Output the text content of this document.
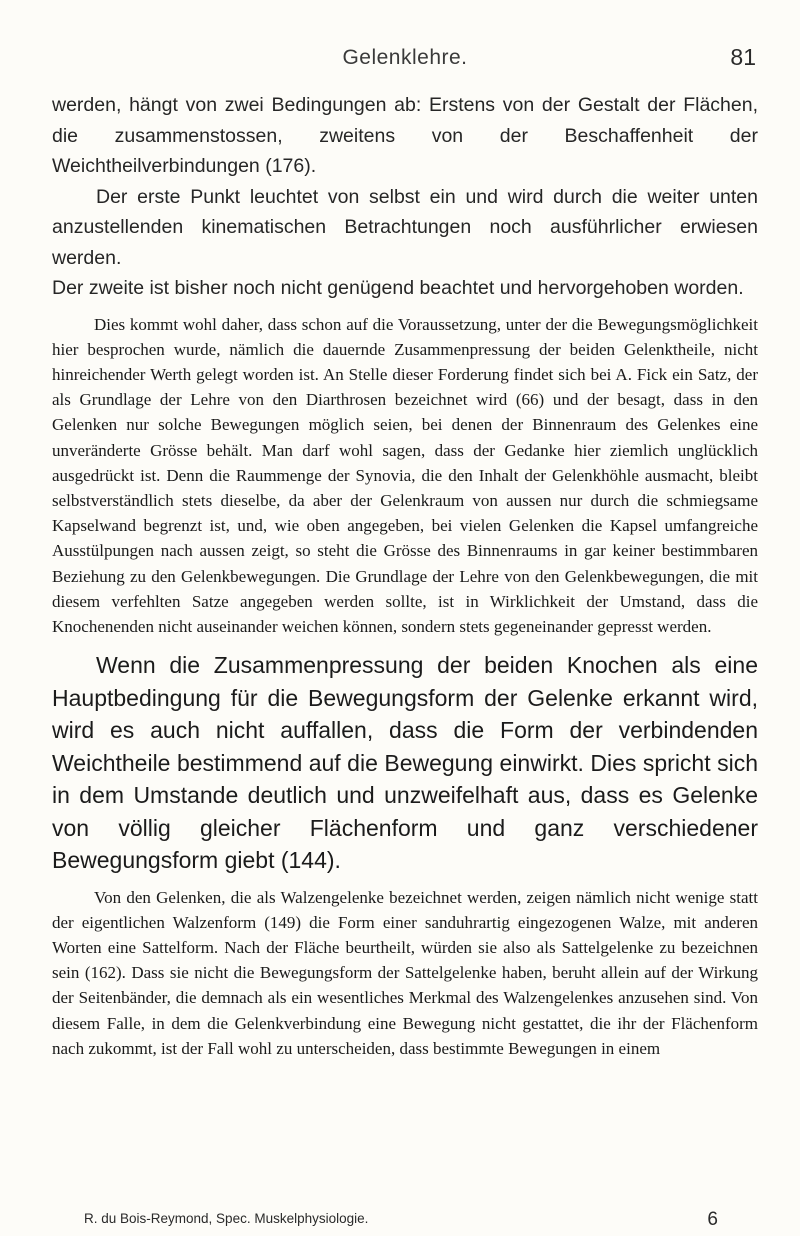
Gelenklehre.	81

werden, hängt von zwei Bedingungen ab: Erstens von der Gestalt der Flächen, die zusammenstossen, zweitens von der Beschaffenheit der Weichtheilverbindungen (176).

Der erste Punkt leuchtet von selbst ein und wird durch die weiter unten anzustellenden kinematischen Betrachtungen noch ausführlicher erwiesen werden.

Der zweite ist bisher noch nicht genügend beachtet und hervorgehoben worden.

Dies kommt wohl daher, dass schon auf die Voraussetzung, unter der die Bewegungsmöglichkeit hier besprochen wurde, nämlich die dauernde Zusammenpressung der beiden Gelenktheile, nicht hinreichender Werth gelegt worden ist. An Stelle dieser Forderung findet sich bei A. Fick ein Satz, der als Grundlage der Lehre von den Diarthrosen bezeichnet wird (66) und der besagt, dass in den Gelenken nur solche Bewegungen möglich seien, bei denen der Binnenraum des Gelenkes eine unveränderte Grösse behält. Man darf wohl sagen, dass der Gedanke hier ziemlich unglücklich ausgedrückt ist. Denn die Raummenge der Synovia, die den Inhalt der Gelenkhöhle ausmacht, bleibt selbstverständlich stets dieselbe, da aber der Gelenkraum von aussen nur durch die schmiegsame Kapselwand begrenzt ist, und, wie oben angegeben, bei vielen Gelenken die Kapsel umfangreiche Ausstülpungen nach aussen zeigt, so steht die Grösse des Binnenraums in gar keiner bestimmbaren Beziehung zu den Gelenkbewegungen. Die Grundlage der Lehre von den Gelenkbewegungen, die mit diesem verfehlten Satze angegeben werden sollte, ist in Wirklichkeit der Umstand, dass die Knochenenden nicht auseinander weichen können, sondern stets gegeneinander gepresst werden.

Wenn die Zusammenpressung der beiden Knochen als eine Hauptbedingung für die Bewegungsform der Gelenke erkannt wird, wird es auch nicht auffallen, dass die Form der verbindenden Weichtheile bestimmend auf die Bewegung einwirkt. Dies spricht sich in dem Umstande deutlich und unzweifelhaft aus, dass es Gelenke von völlig gleicher Flächenform und ganz verschiedener Bewegungsform giebt (144).

Von den Gelenken, die als Walzengelenke bezeichnet werden, zeigen nämlich nicht wenige statt der eigentlichen Walzenform (149) die Form einer sanduhrartig eingezogenen Walze, mit anderen Worten eine Sattelform. Nach der Fläche beurtheilt, würden sie also als Sattelgelenke zu bezeichnen sein (162). Dass sie nicht die Bewegungsform der Sattelgelenke haben, beruht allein auf der Wirkung der Seitenbänder, die demnach als ein wesentliches Merkmal des Walzengelenkes anzusehen sind. Von diesem Falle, in dem die Gelenkverbindung eine Bewegung nicht gestattet, die ihr der Flächenform nach zukommt, ist der Fall wohl zu unterscheiden, dass bestimmte Bewegungen in einem

R. du Bois-Reymond, Spec. Muskelphysiologie.	6
